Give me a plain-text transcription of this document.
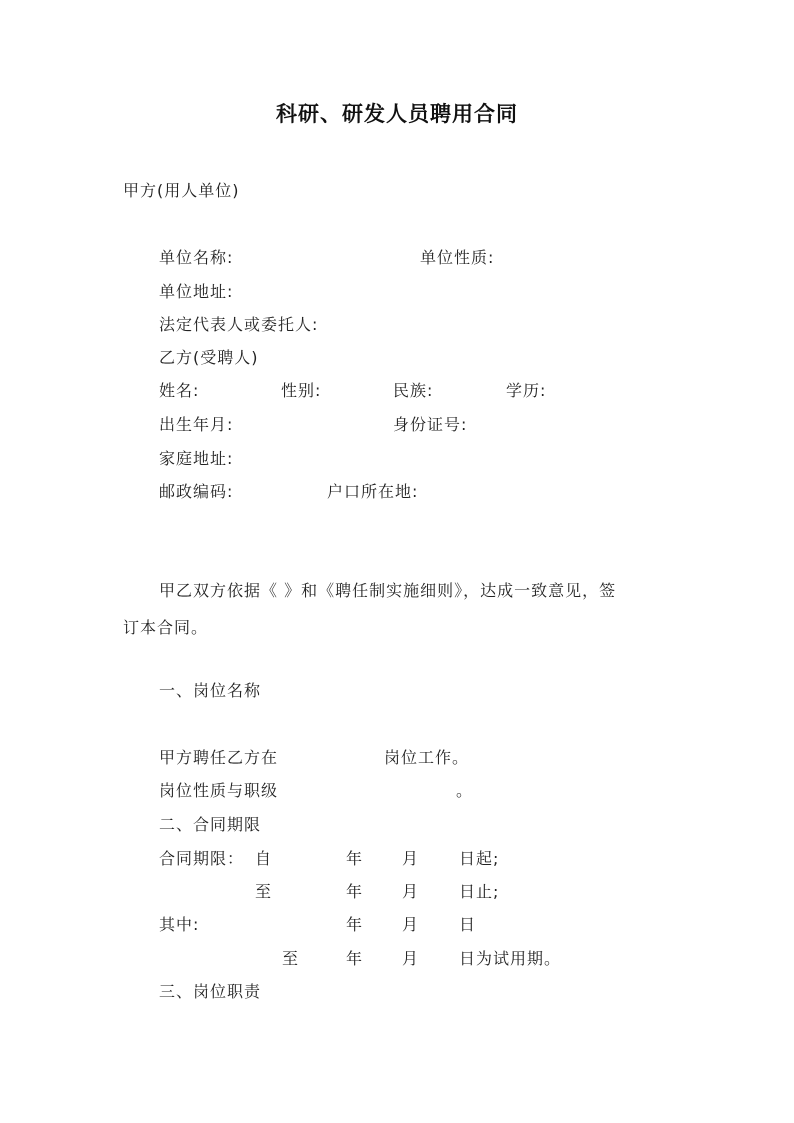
科研、研发人员聘用合同
甲方(用人单位)
单位名称:	单位性质:
单位地址:
法定代表人或委托人:
乙方(受聘人)
姓名:	性别:	民族:	学历:
出生年月:	身份证号:
家庭地址:
邮政编码:	户口所在地:
甲乙双方依据《 》和《聘任制实施细则》，达成一致意见，签
订本合同。
一、岗位名称
甲方聘任乙方在	岗位工作。
岗位性质与职级	。
二、合同期限
合同期限： 自	年 月 日起;
至	年 月 日止;
其中:	年 月 日
至	年 月 日为试用期。
三、岗位职责
